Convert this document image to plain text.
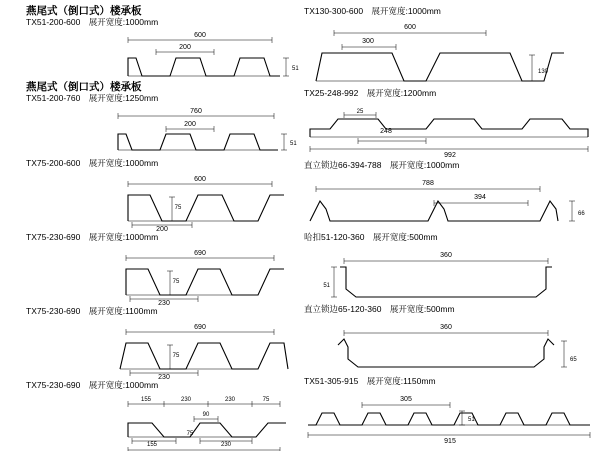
燕尾式（倒口式）楼承板
TX51-200-600 展开宽度:1000mm
600
200
51
燕尾式（倒口式）楼承板
TX51-200-760 展开宽度:1250mm
760
200
51
TX75-200-600 展开宽度:1000mm
600
75
200
TX75-230-690 展开宽度:1000mm
690
75
230
TX75-230-690 展开宽度:1100mm
690
75
230
TX75-230-690 展开宽度:1000mm
155	230	230	75
90
75
155	230
TX130-300-600 展开宽度:1000mm
600
300
130
TX25-248-992 展开宽度:1200mm
25
248
992
直立锁边66-394-788 展开宽度:1000mm
788
394
66
哈扣51-120-360 展开宽度:500mm
360
51
直立锁边65-120-360 展开宽度:500mm
360
65
TX51-305-915 展开宽度:1150mm
305
51
915
